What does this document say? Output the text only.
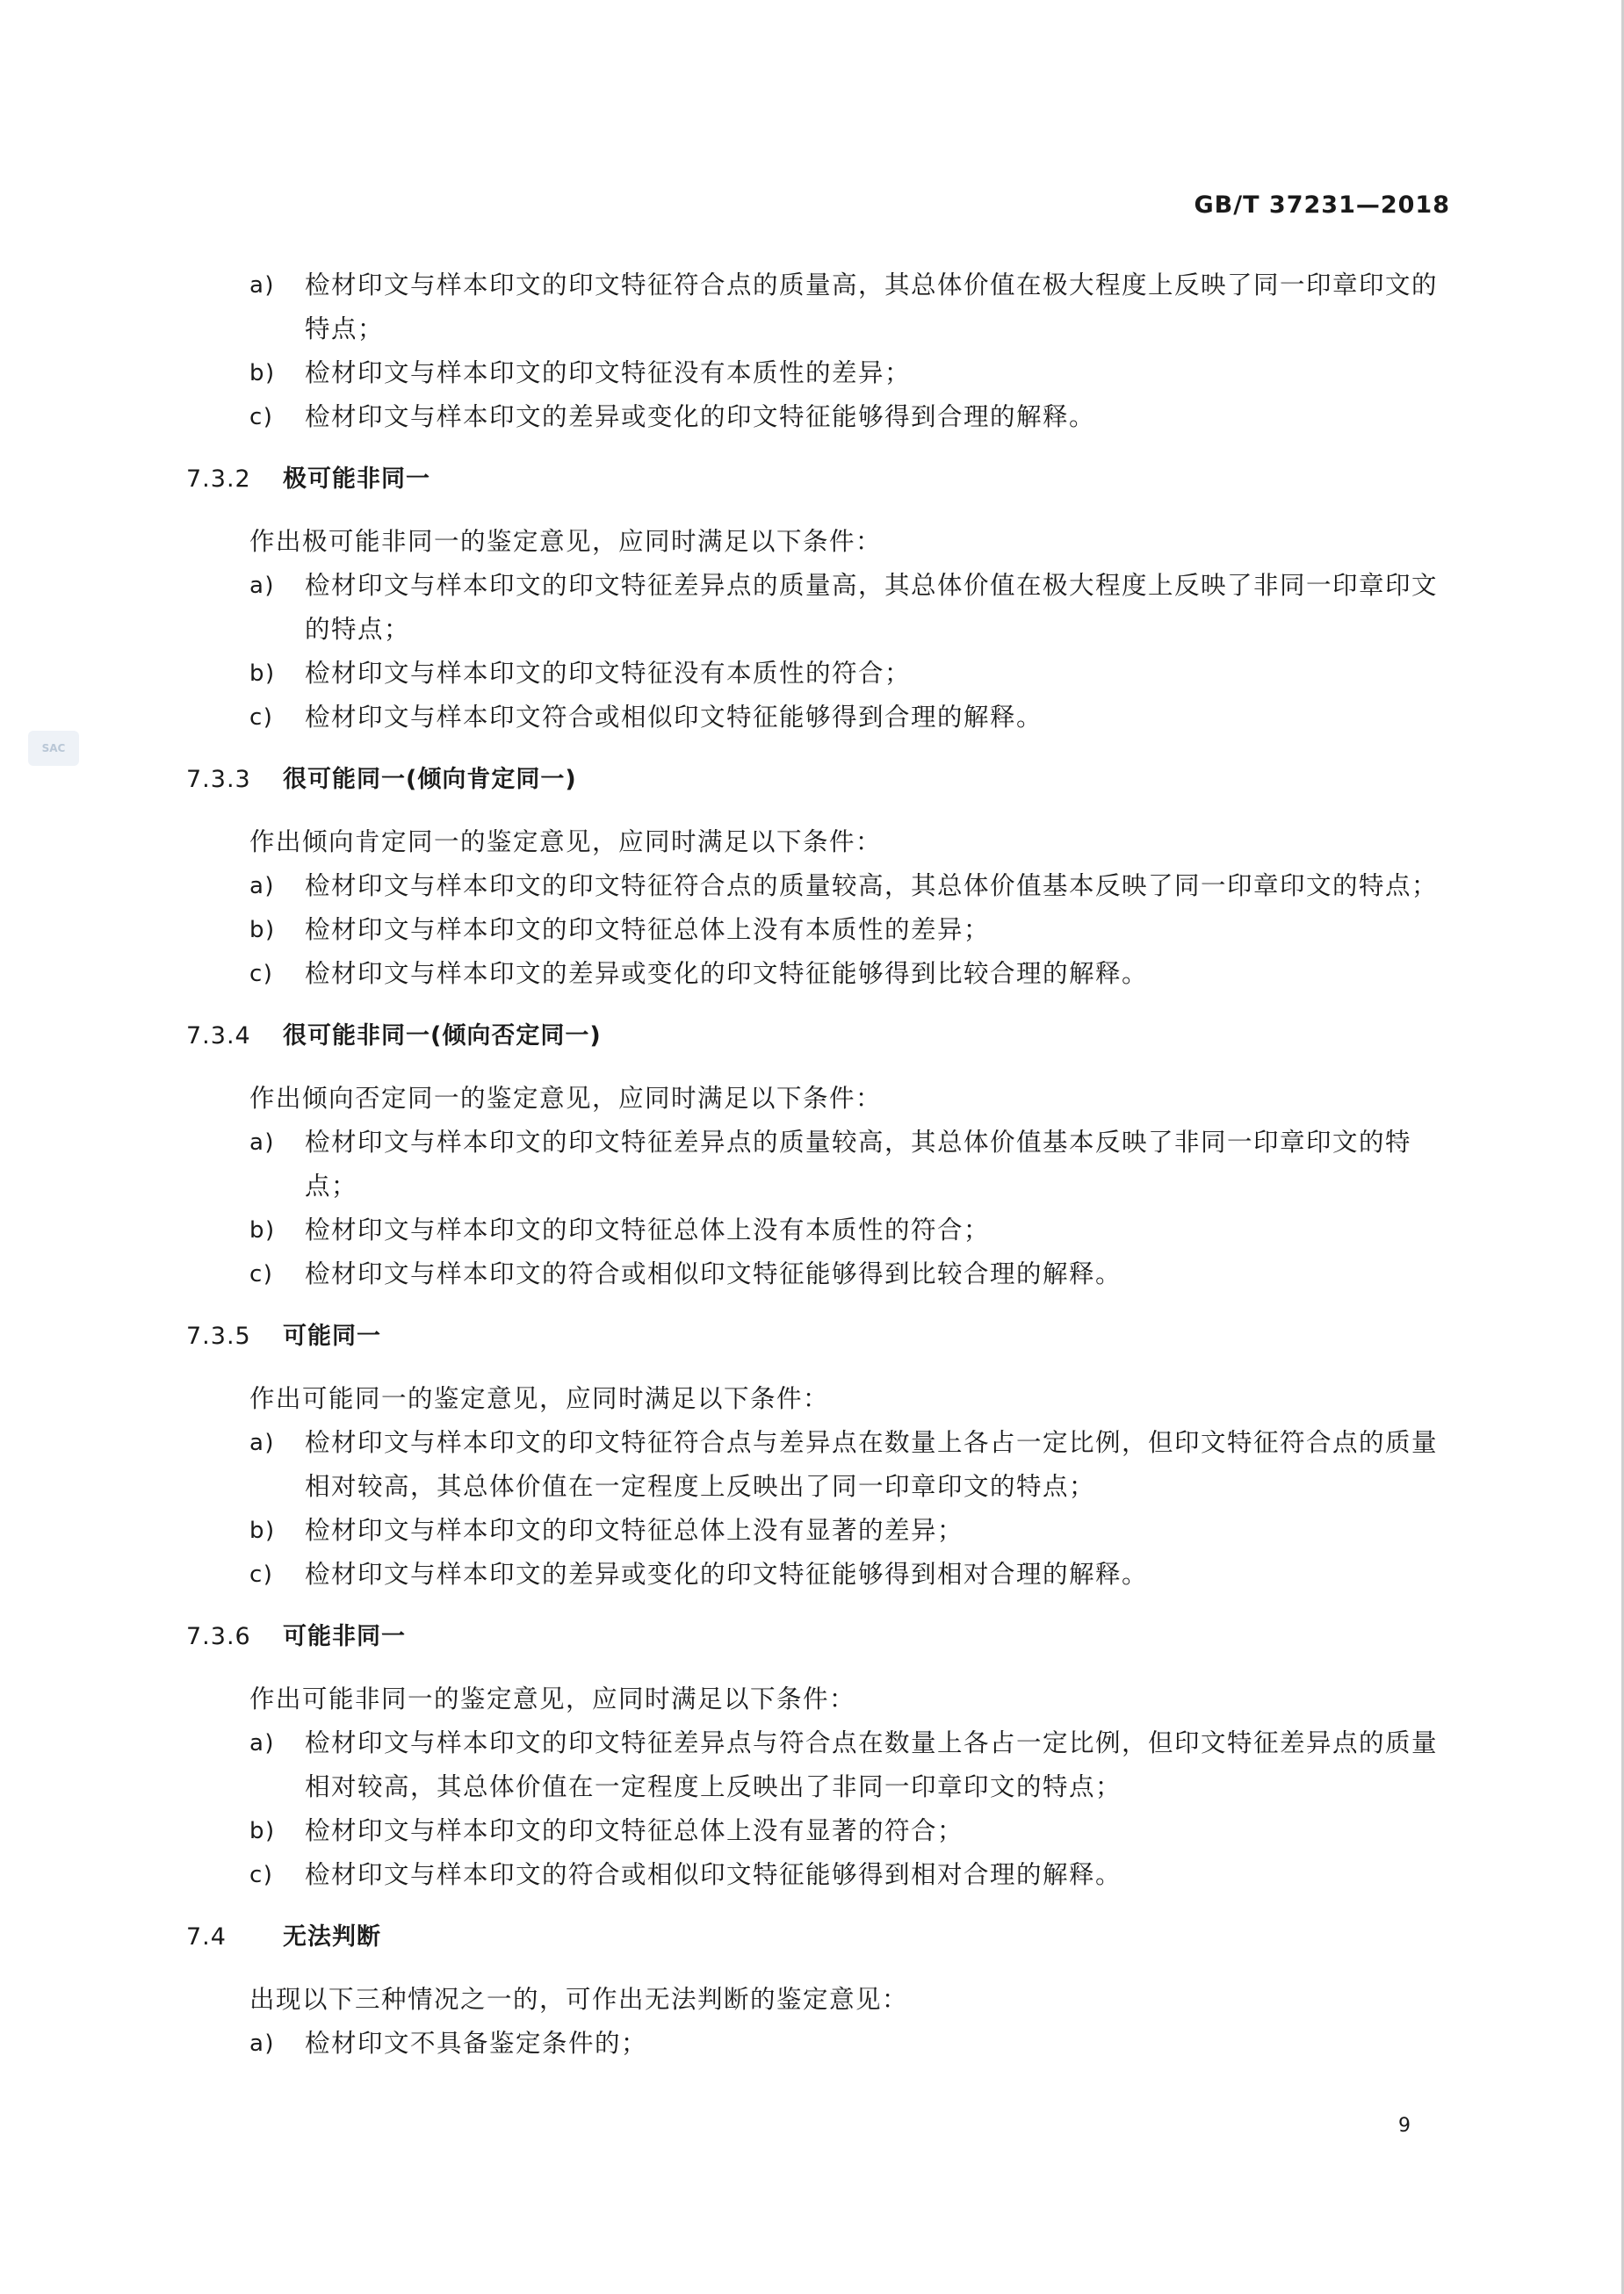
GB/T 37231—2018
SAC
a) 检材印文与样本印文的印文特征符合点的质量高，其总体价值在极大程度上反映了同一印章印文的特点；
b) 检材印文与样本印文的印文特征没有本质性的差异；
c) 检材印文与样本印文的差异或变化的印文特征能够得到合理的解释。
7.3.2 极可能非同一
作出极可能非同一的鉴定意见，应同时满足以下条件：
a) 检材印文与样本印文的印文特征差异点的质量高，其总体价值在极大程度上反映了非同一印章印文的特点；
b) 检材印文与样本印文的印文特征没有本质性的符合；
c) 检材印文与样本印文符合或相似印文特征能够得到合理的解释。
7.3.3 很可能同一(倾向肯定同一)
作出倾向肯定同一的鉴定意见，应同时满足以下条件：
a) 检材印文与样本印文的印文特征符合点的质量较高，其总体价值基本反映了同一印章印文的特点；
b) 检材印文与样本印文的印文特征总体上没有本质性的差异；
c) 检材印文与样本印文的差异或变化的印文特征能够得到比较合理的解释。
7.3.4 很可能非同一(倾向否定同一)
作出倾向否定同一的鉴定意见，应同时满足以下条件：
a) 检材印文与样本印文的印文特征差异点的质量较高，其总体价值基本反映了非同一印章印文的特点；
b) 检材印文与样本印文的印文特征总体上没有本质性的符合；
c) 检材印文与样本印文的符合或相似印文特征能够得到比较合理的解释。
7.3.5 可能同一
作出可能同一的鉴定意见，应同时满足以下条件：
a) 检材印文与样本印文的印文特征符合点与差异点在数量上各占一定比例，但印文特征符合点的质量相对较高，其总体价值在一定程度上反映出了同一印章印文的特点；
b) 检材印文与样本印文的印文特征总体上没有显著的差异；
c) 检材印文与样本印文的差异或变化的印文特征能够得到相对合理的解释。
7.3.6 可能非同一
作出可能非同一的鉴定意见，应同时满足以下条件：
a) 检材印文与样本印文的印文特征差异点与符合点在数量上各占一定比例，但印文特征差异点的质量相对较高，其总体价值在一定程度上反映出了非同一印章印文的特点；
b) 检材印文与样本印文的印文特征总体上没有显著的符合；
c) 检材印文与样本印文的符合或相似印文特征能够得到相对合理的解释。
7.4 无法判断
出现以下三种情况之一的，可作出无法判断的鉴定意见：
a) 检材印文不具备鉴定条件的；
9
